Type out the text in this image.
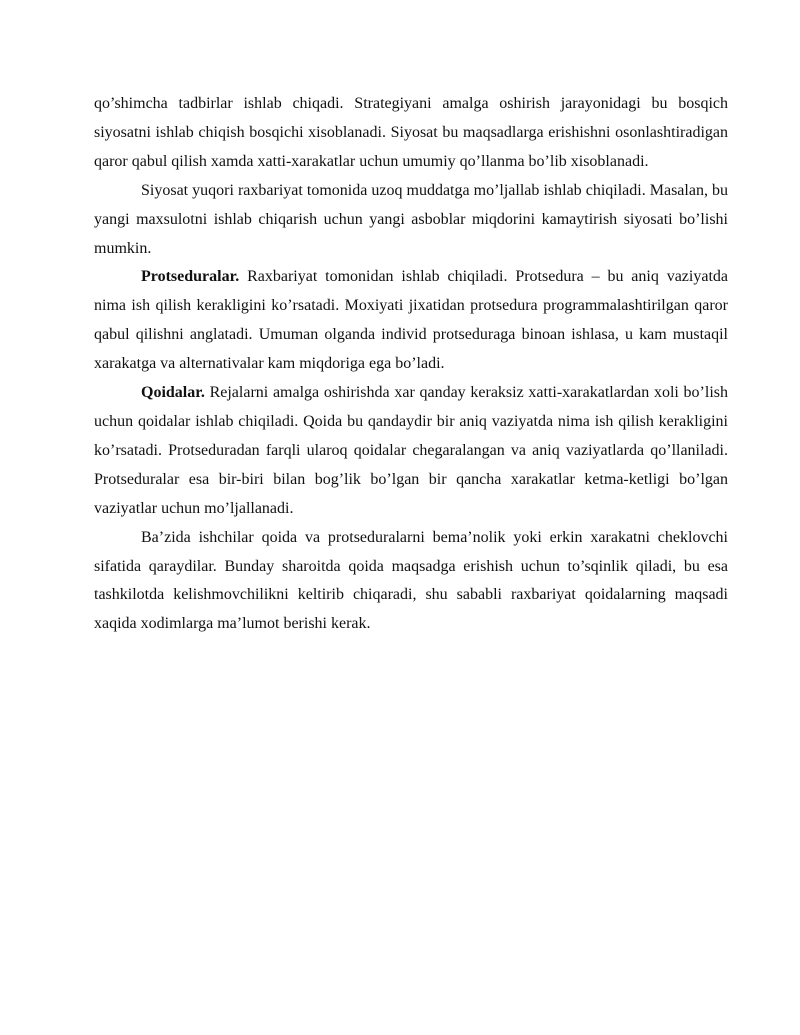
qo’shimcha tadbirlar ishlab chiqadi. Strategiyani amalga oshirish jarayonidagi bu bosqich siyosatni ishlab chiqish bosqichi xisoblanadi. Siyosat bu maqsadlarga erishishni osonlashtiradigan qaror qabul qilish xamda xatti-xarakatlar uchun umumiy qo’llanma bo’lib xisoblanadi.

Siyosat yuqori raxbariyat tomonida uzoq muddatga mo’ljallab ishlab chiqiladi. Masalan, bu yangi maxsulotni ishlab chiqarish uchun yangi asboblar miqdorini kamaytirish siyosati bo’lishi mumkin.

Protseduralar. Raxbariyat tomonidan ishlab chiqiladi. Protsedura – bu aniq vaziyatda nima ish qilish kerakligini ko’rsatadi. Moxiyati jixatidan protsedura programmalashtirilgan qaror qabul qilishni anglatadi. Umuman olganda individ protseduraga binoan ishlasa, u kam mustaqil xarakatga va alternativalar kam miqdoriga ega bo’ladi.

Qoidalar. Rejalarni amalga oshirishda xar qanday keraksiz xatti-xarakatlardan xoli bo’lish uchun qoidalar ishlab chiqiladi. Qoida bu qandaydir bir aniq vaziyatda nima ish qilish kerakligini ko’rsatadi. Protseduradan farqli ularoq qoidalar chegaralangan va aniq vaziyatlarda qo’llaniladi. Protseduralar esa bir-biri bilan bog’lik bo’lgan bir qancha xarakatlar ketma-ketligi bo’lgan vaziyatlar uchun mo’ljallanadi.

Ba’zida ishchilar qoida va protseduralarni bema’nolik yoki erkin xarakatni cheklovchi sifatida qaraydilar. Bunday sharoitda qoida maqsadga erishish uchun to’sqinlik qiladi, bu esa tashkilotda kelishmovchilikni keltirib chiqaradi, shu sababli raxbariyat qoidalarning maqsadi xaqida xodimlarga ma’lumot berishi kerak.
